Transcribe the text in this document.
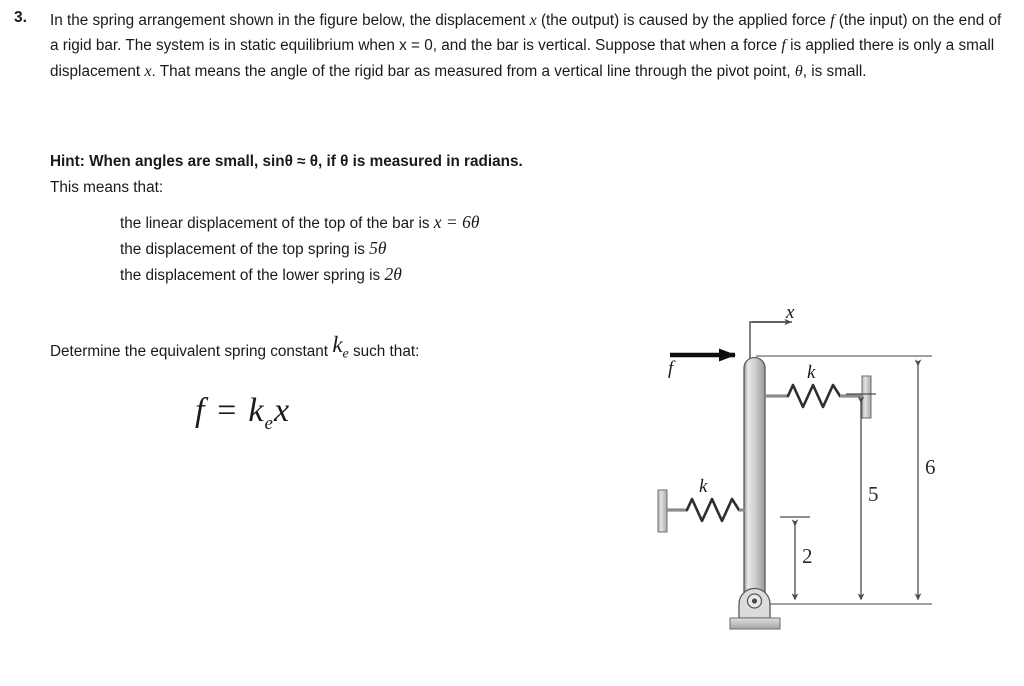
3. In the spring arrangement shown in the figure below, the displacement x (the output) is caused by the applied force f (the input) on the end of a rigid bar. The system is in static equilibrium when x = 0, and the bar is vertical. Suppose that when a force f is applied there is only a small displacement x. That means the angle of the rigid bar as measured from a vertical line through the pivot point, θ, is small.
Hint: When angles are small, sinθ ≈ θ, if θ is measured in radians.
This means that:
the linear displacement of the top of the bar is x = 6θ
the displacement of the top spring is 5θ
the displacement of the lower spring is 2θ
Determine the equivalent spring constant $k_e$ such that:
$f = k_ex$
x
f	k
k
6
5
2
